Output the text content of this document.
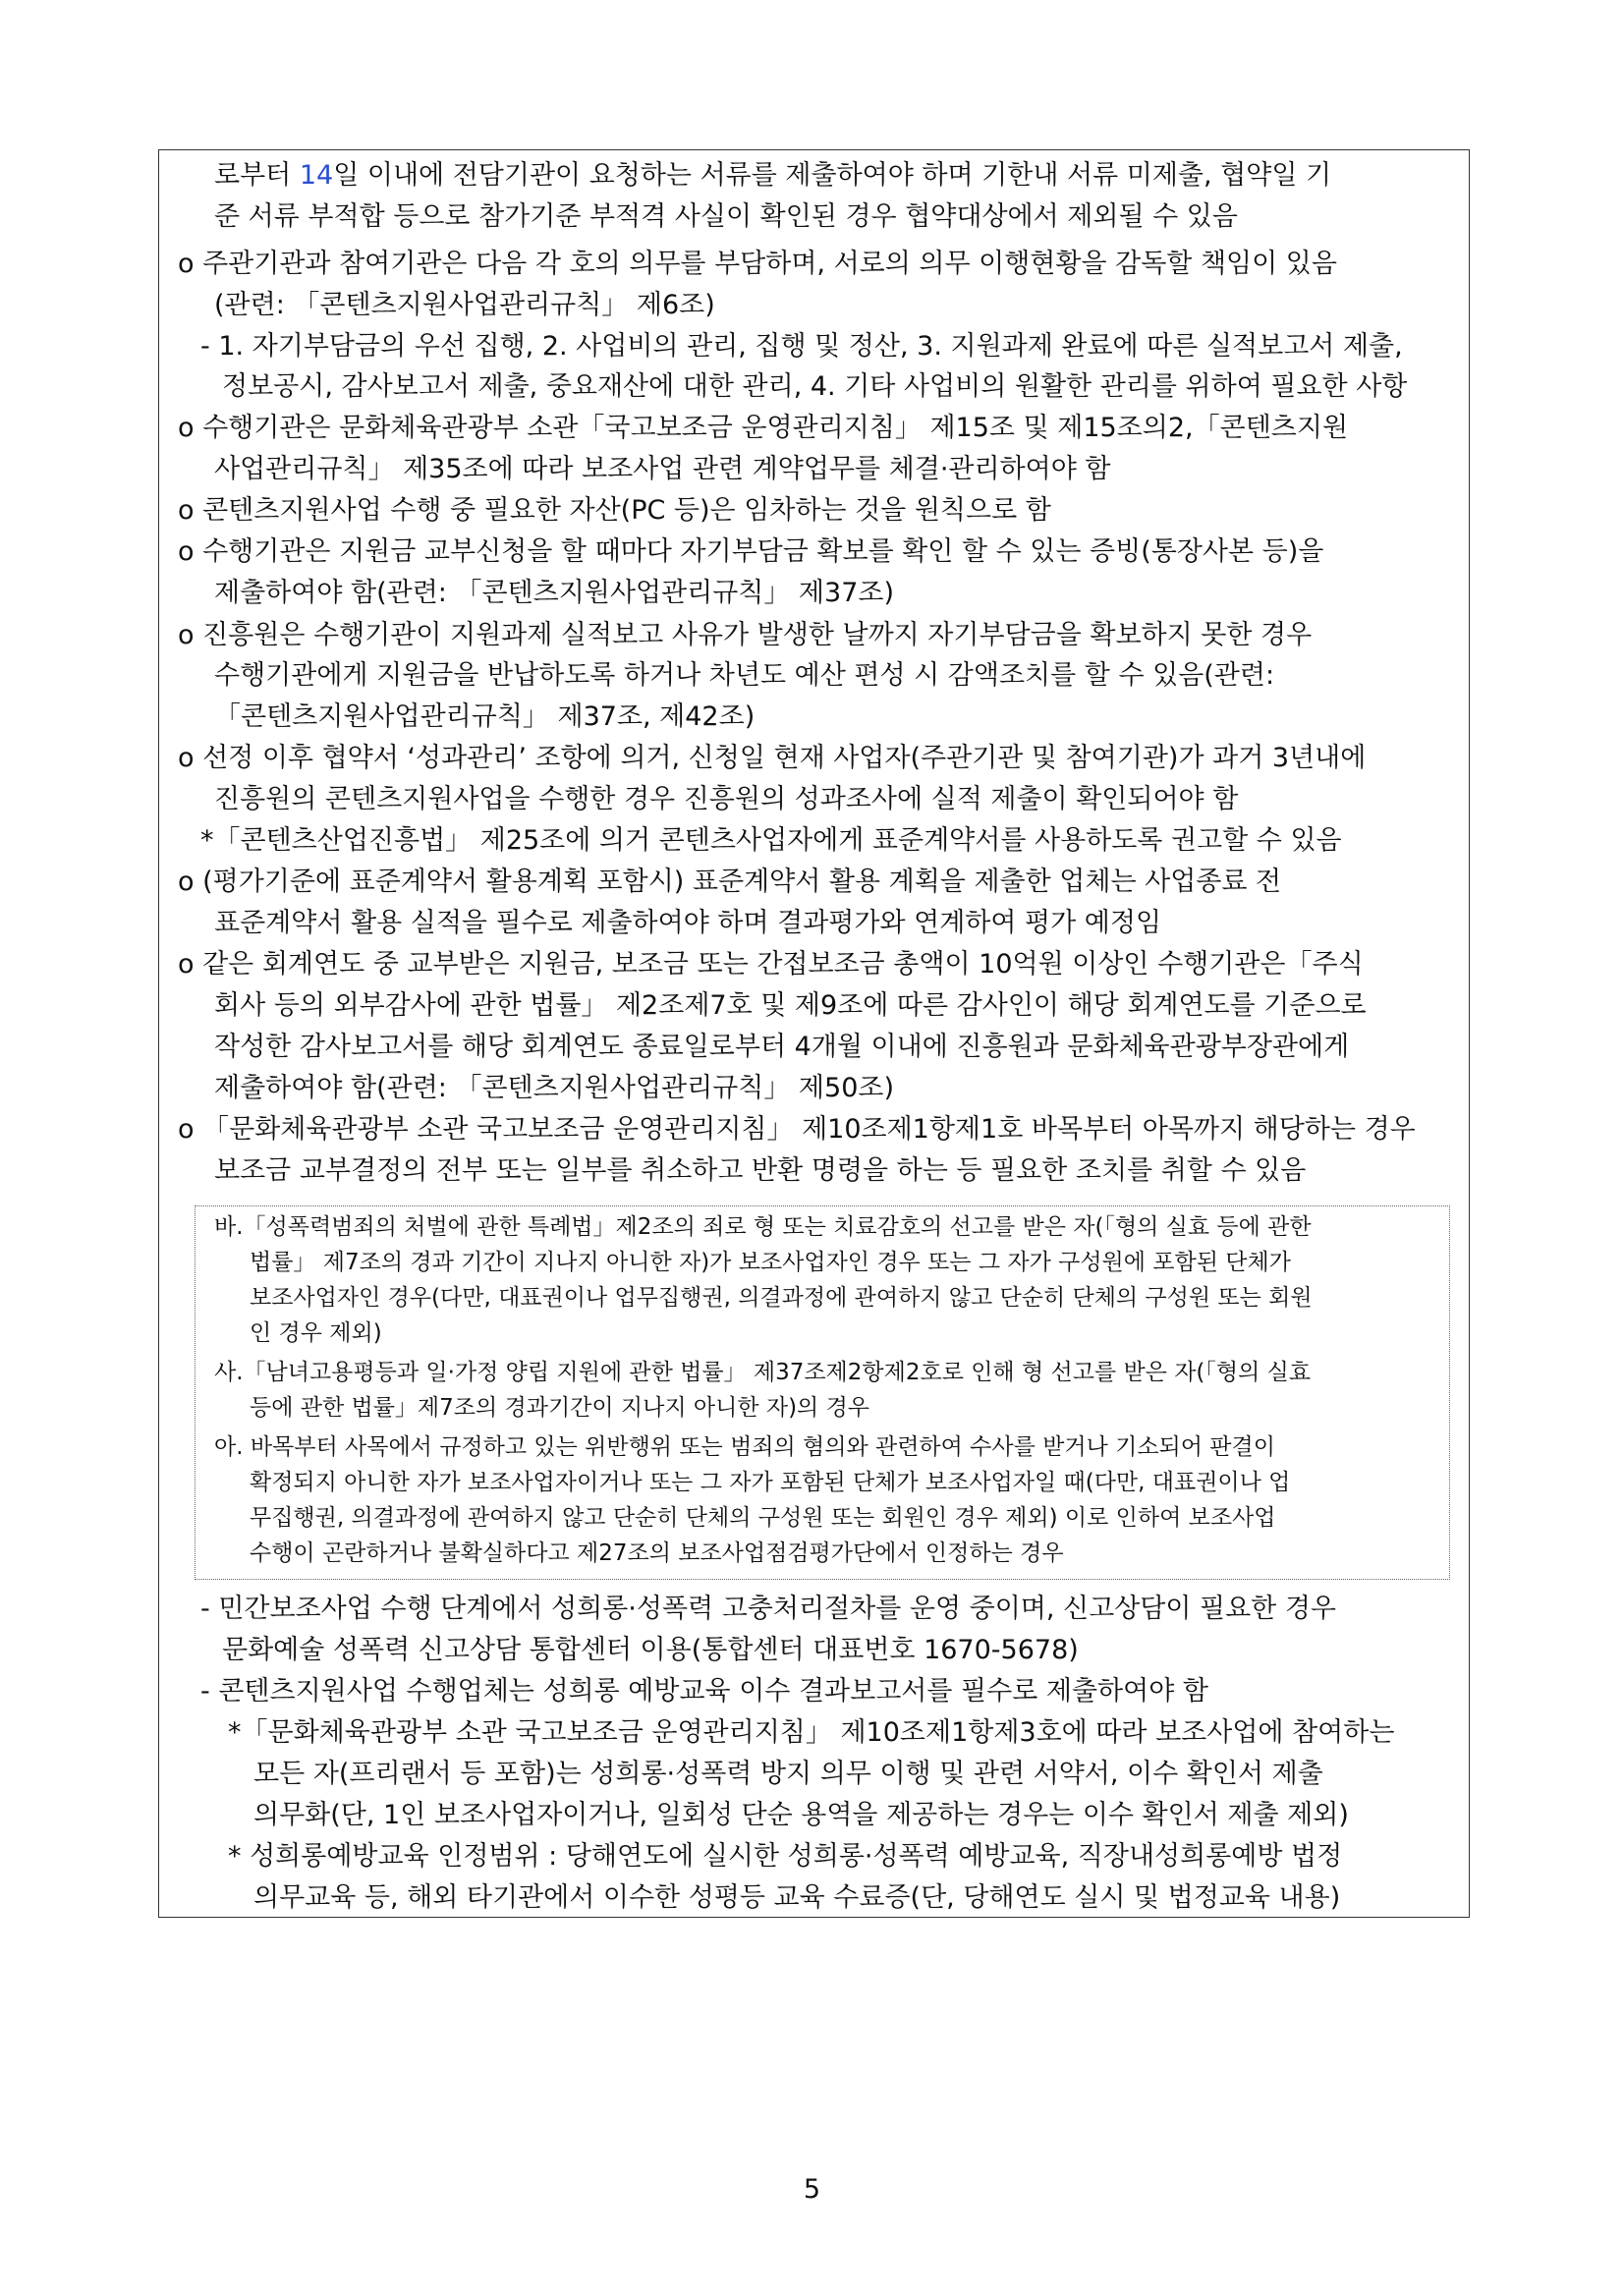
로부터 14일 이내에 전담기관이 요청하는 서류를 제출하여야 하며 기한내 서류 미제출, 협약일 기
준 서류 부적합 등으로 참가기준 부적격 사실이 확인된 경우 협약대상에서 제외될 수 있음
o 주관기관과 참여기관은 다음 각 호의 의무를 부담하며, 서로의 의무 이행현황을 감독할 책임이 있음
(관련: 「콘텐츠지원사업관리규칙」 제6조)
- 1. 자기부담금의 우선 집행, 2. 사업비의 관리, 집행 및 정산, 3. 지원과제 완료에 따른 실적보고서 제출,
정보공시, 감사보고서 제출, 중요재산에 대한 관리, 4. 기타 사업비의 원활한 관리를 위하여 필요한 사항
o 수행기관은 문화체육관광부 소관「국고보조금 운영관리지침」 제15조 및 제15조의2,「콘텐츠지원
사업관리규칙」 제35조에 따라 보조사업 관련 계약업무를 체결·관리하여야 함
o 콘텐츠지원사업 수행 중 필요한 자산(PC 등)은 임차하는 것을 원칙으로 함
o 수행기관은 지원금 교부신청을 할 때마다 자기부담금 확보를 확인 할 수 있는 증빙(통장사본 등)을
제출하여야 함(관련: 「콘텐츠지원사업관리규칙」 제37조)
o 진흥원은 수행기관이 지원과제 실적보고 사유가 발생한 날까지 자기부담금을 확보하지 못한 경우
수행기관에게 지원금을 반납하도록 하거나 차년도 예산 편성 시 감액조치를 할 수 있음(관련:
「콘텐츠지원사업관리규칙」 제37조, 제42조)
o 선정 이후 협약서 ‘성과관리’ 조항에 의거, 신청일 현재 사업자(주관기관 및 참여기관)가 과거 3년내에
진흥원의 콘텐츠지원사업을 수행한 경우 진흥원의 성과조사에 실적 제출이 확인되어야 함
*「콘텐츠산업진흥법」 제25조에 의거 콘텐츠사업자에게 표준계약서를 사용하도록 권고할 수 있음
o (평가기준에 표준계약서 활용계획 포함시) 표준계약서 활용 계획을 제출한 업체는 사업종료 전
표준계약서 활용 실적을 필수로 제출하여야 하며 결과평가와 연계하여 평가 예정임
o 같은 회계연도 중 교부받은 지원금, 보조금 또는 간접보조금 총액이 10억원 이상인 수행기관은「주식
회사 등의 외부감사에 관한 법률」 제2조제7호 및 제9조에 따른 감사인이 해당 회계연도를 기준으로
작성한 감사보고서를 해당 회계연도 종료일로부터 4개월 이내에 진흥원과 문화체육관광부장관에게
제출하여야 함(관련: 「콘텐츠지원사업관리규칙」 제50조)
o 「문화체육관광부 소관 국고보조금 운영관리지침」 제10조제1항제1호 바목부터 아목까지 해당하는 경우
보조금 교부결정의 전부 또는 일부를 취소하고 반환 명령을 하는 등 필요한 조치를 취할 수 있음
바.「성폭력범죄의 처벌에 관한 특례법」제2조의 죄로 형 또는 치료감호의 선고를 받은 자(「형의 실효 등에 관한
법률」 제7조의 경과 기간이 지나지 아니한 자)가 보조사업자인 경우 또는 그 자가 구성원에 포함된 단체가
보조사업자인 경우(다만, 대표권이나 업무집행권, 의결과정에 관여하지 않고 단순히 단체의 구성원 또는 회원
인 경우 제외)
사.「남녀고용평등과 일·가정 양립 지원에 관한 법률」 제37조제2항제2호로 인해 형 선고를 받은 자(「형의 실효
등에 관한 법률」제7조의 경과기간이 지나지 아니한 자)의 경우
아. 바목부터 사목에서 규정하고 있는 위반행위 또는 범죄의 혐의와 관련하여 수사를 받거나 기소되어 판결이
확정되지 아니한 자가 보조사업자이거나 또는 그 자가 포함된 단체가 보조사업자일 때(다만, 대표권이나 업
무집행권, 의결과정에 관여하지 않고 단순히 단체의 구성원 또는 회원인 경우 제외) 이로 인하여 보조사업
수행이 곤란하거나 불확실하다고 제27조의 보조사업점검평가단에서 인정하는 경우
- 민간보조사업 수행 단계에서 성희롱·성폭력 고충처리절차를 운영 중이며, 신고상담이 필요한 경우
문화예술 성폭력 신고상담 통합센터 이용(통합센터 대표번호 1670-5678)
- 콘텐츠지원사업 수행업체는 성희롱 예방교육 이수 결과보고서를 필수로 제출하여야 함
*「문화체육관광부 소관 국고보조금 운영관리지침」 제10조제1항제3호에 따라 보조사업에 참여하는
모든 자(프리랜서 등 포함)는 성희롱·성폭력 방지 의무 이행 및 관련 서약서, 이수 확인서 제출
의무화(단, 1인 보조사업자이거나, 일회성 단순 용역을 제공하는 경우는 이수 확인서 제출 제외)
* 성희롱예방교육 인정범위 : 당해연도에 실시한 성희롱·성폭력 예방교육, 직장내성희롱예방 법정
의무교육 등, 해외 타기관에서 이수한 성평등 교육 수료증(단, 당해연도 실시 및 법정교육 내용)
5
